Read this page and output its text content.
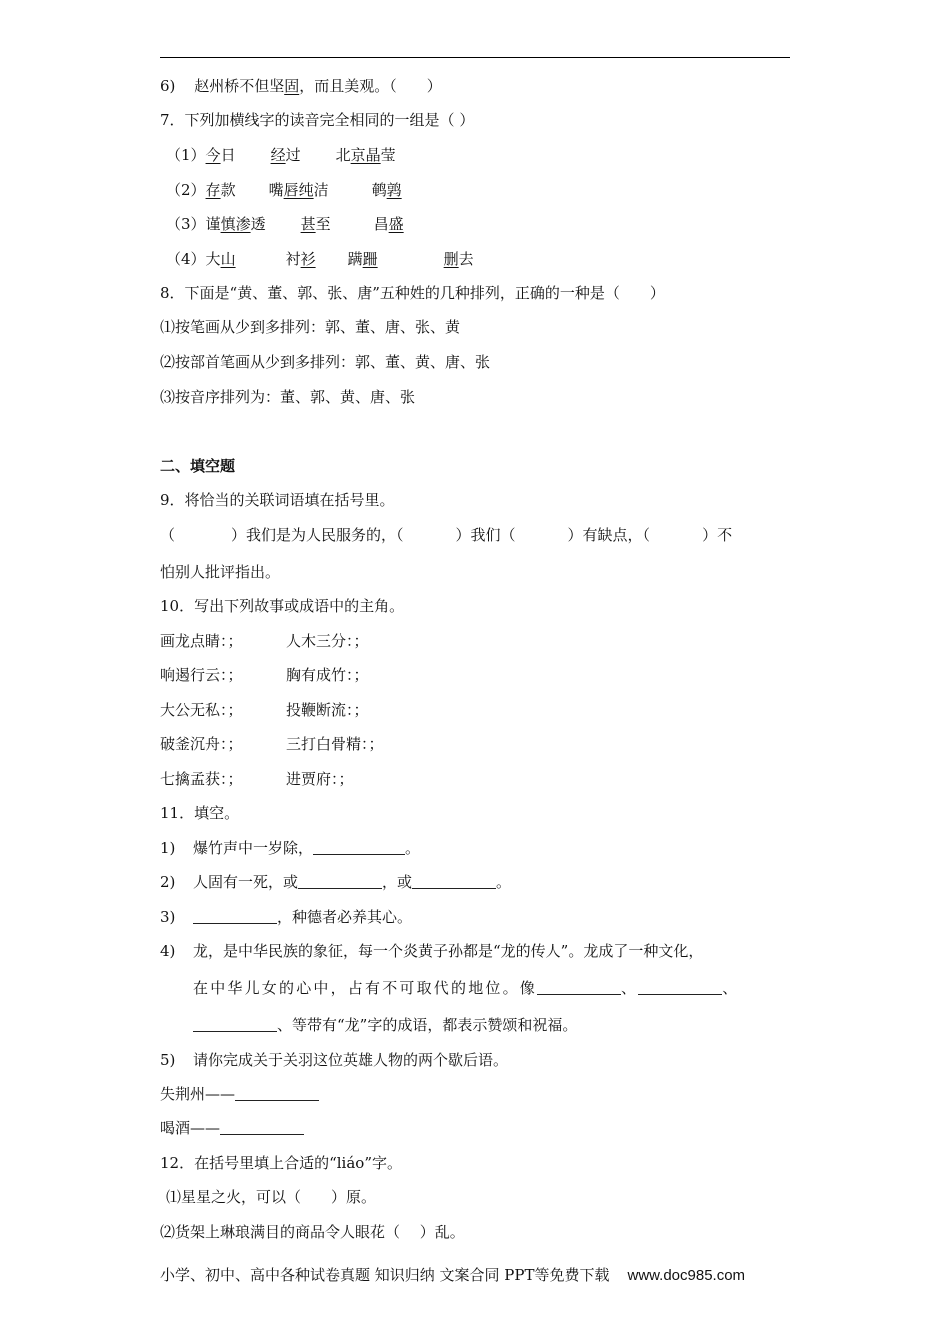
6) 赵州桥不但坚固，而且美观。（　　）
7．下列加横线字的读音完全相同的一组是（ ）
（1）今日 经过 北京晶莹
（2）存款 嘴唇纯洁	鹌鹑
（3）谨慎渗透 甚至	昌盛
（4）大山	衬衫 蹒跚	删去
8．下面是“黄、董、郭、张、唐”五种姓的几种排列，正确的一种是（　　）
⑴按笔画从少到多排列：郭、董、唐、张、黄
⑵按部首笔画从少到多排列：郭、董、黄、唐、张
⑶按音序排列为：董、郭、黄、唐、张
二、填空题
9．将恰当的关联词语填在括号里。
（	）我们是为人民服务的，（	）我们（	）有缺点，（	）不
怕别人批评指出。
10．写出下列故事或成语中的主角。
画龙点睛：；	人木三分：；
响遏行云：；	胸有成竹：；
大公无私：；	投鞭断流：；
破釜沉舟：；	三打白骨精：；
七擒孟获：；	进贾府：；
11．填空。
1) 爆竹声中一岁除，	。
2) 人固有一死，或	，或	。
3)	，种德者必养其心。
4) 龙，是中华民族的象征，每一个炎黄子孙都是“龙的传人”。龙成了一种文化，
在中华儿女的心中，占有不可取代的地位。像	、	、
、等带有“龙”字的成语，都表示赞颂和祝福。
5) 请你完成关于关羽这位英雄人物的两个歇后语。
失荆州——
喝酒——
12．在括号里填上合适的“liáo”字。
⑴星星之火，可以（　　）原。
⑵货架上琳琅满目的商品令人眼花（　 ）乱。
小学、初中、高中各种试卷真题 知识归纳 文案合同 PPT等免费下载 www.doc985.com
